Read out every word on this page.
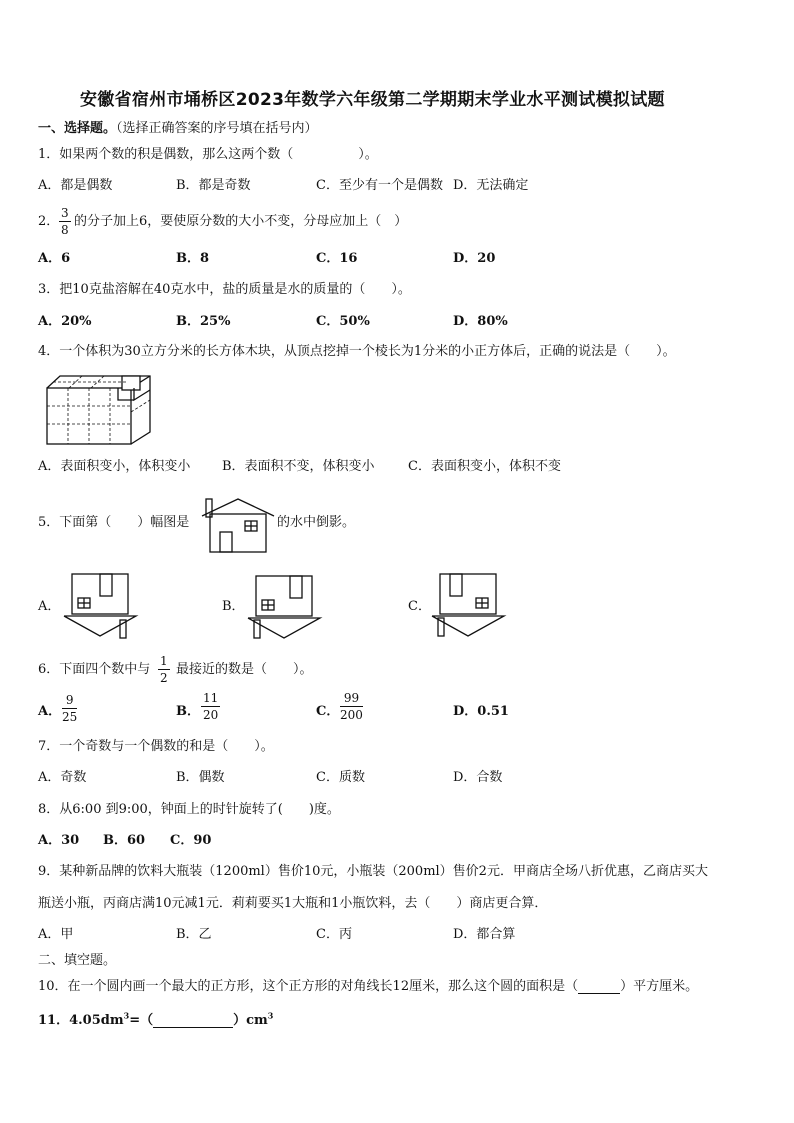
安徽省宿州市埇桥区2023年数学六年级第二学期期末学业水平测试模拟试题
一、选择题。（选择正确答案的序号填在括号内）
1．如果两个数的积是偶数，那么这两个数（　　　　　）。
A．都是偶数	B．都是奇数	C．至少有一个是偶数 D．无法确定
2． $\frac{3}{8}$ 的分子加上6，要使原分数的大小不变，分母应加上（　）
A．6	B．8	C．16	D．20
3．把10克盐溶解在40克水中，盐的质量是水的质量的（　　）。
A．20%	B．25%	C．50%	D．80%
4．一个体积为30立方分米的长方体木块，从顶点挖掉一个棱长为1分米的小正方体后，正确的说法是（　　）。
A．表面积变小，体积变小 B．表面积不变，体积变小	C．表面积变小，体积不变
5．下面第（　　）幅图是	的水中倒影。
A．	B．	C．
6．下面四个数中与 $\frac{1}{2}$ 最接近的数是（　　）。
A． $\frac{9}{25}$	B． $\frac{11}{20}$	C． $\frac{99}{200}$	D．0.51
7．一个奇数与一个偶数的和是（　　）。
A．奇数	B．偶数	C．质数	D．合数
8．从6:00 到9:00，钟面上的时针旋转了(　　)度。
A．30 B．60 C．90
9．某种新品牌的饮料大瓶装（1200ml）售价10元，小瓶装（200ml）售价2元．甲商店全场八折优惠，乙商店买大
瓶送小瓶，丙商店满10元减1元．莉莉要买1大瓶和1小瓶饮料，去（　　）商店更合算．
A．甲	B．乙	C．丙	D．都合算
二、填空题。
10．在一个圆内画一个最大的正方形，这个正方形的对角线长12厘米，那么这个圆的面积是（	）平方厘米。
11．$4.05dm^3=$（	）$cm^3$
